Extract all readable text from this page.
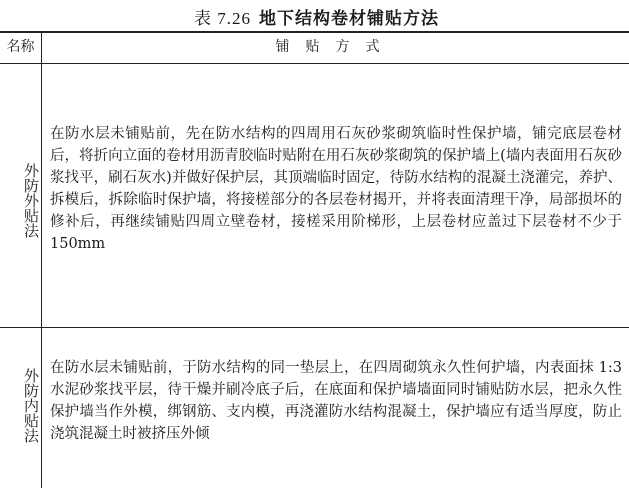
表 7.26 地下结构卷材铺贴方法
名称	铺贴方式
外防外贴法
在防水层未铺贴前，先在防水结构的四周用石灰砂浆砌筑临时性保护墙，铺完底层卷材后，将折向立面的卷材用沥青胶临时贴附在用石灰砂浆砌筑的保护墙上(墙内表面用石灰砂浆找平，刷石灰水)并做好保护层，其顶端临时固定，待防水结构的混凝土浇灌完，养护、拆模后，拆除临时保护墙，将接槎部分的各层卷材揭开，并将表面清理干净，局部损坏的修补后，再继续铺贴四周立壁卷材，接槎采用阶梯形，上层卷材应盖过下层卷材不少于 150mm
外防内贴法 在防水层未铺贴前，于防水结构的同一垫层上，在四周砌筑永久性何护墙，内表面抹 1:3 水泥砂浆找平层，待干燥并刷冷底子后，在底面和保护墙墙面同时铺贴防水层，把永久性保护墙当作外模，绑钢筋、支内模，再浇灌防水结构混凝土，保护墙应有适当厚度，防止浇筑混凝土时被挤压外倾
